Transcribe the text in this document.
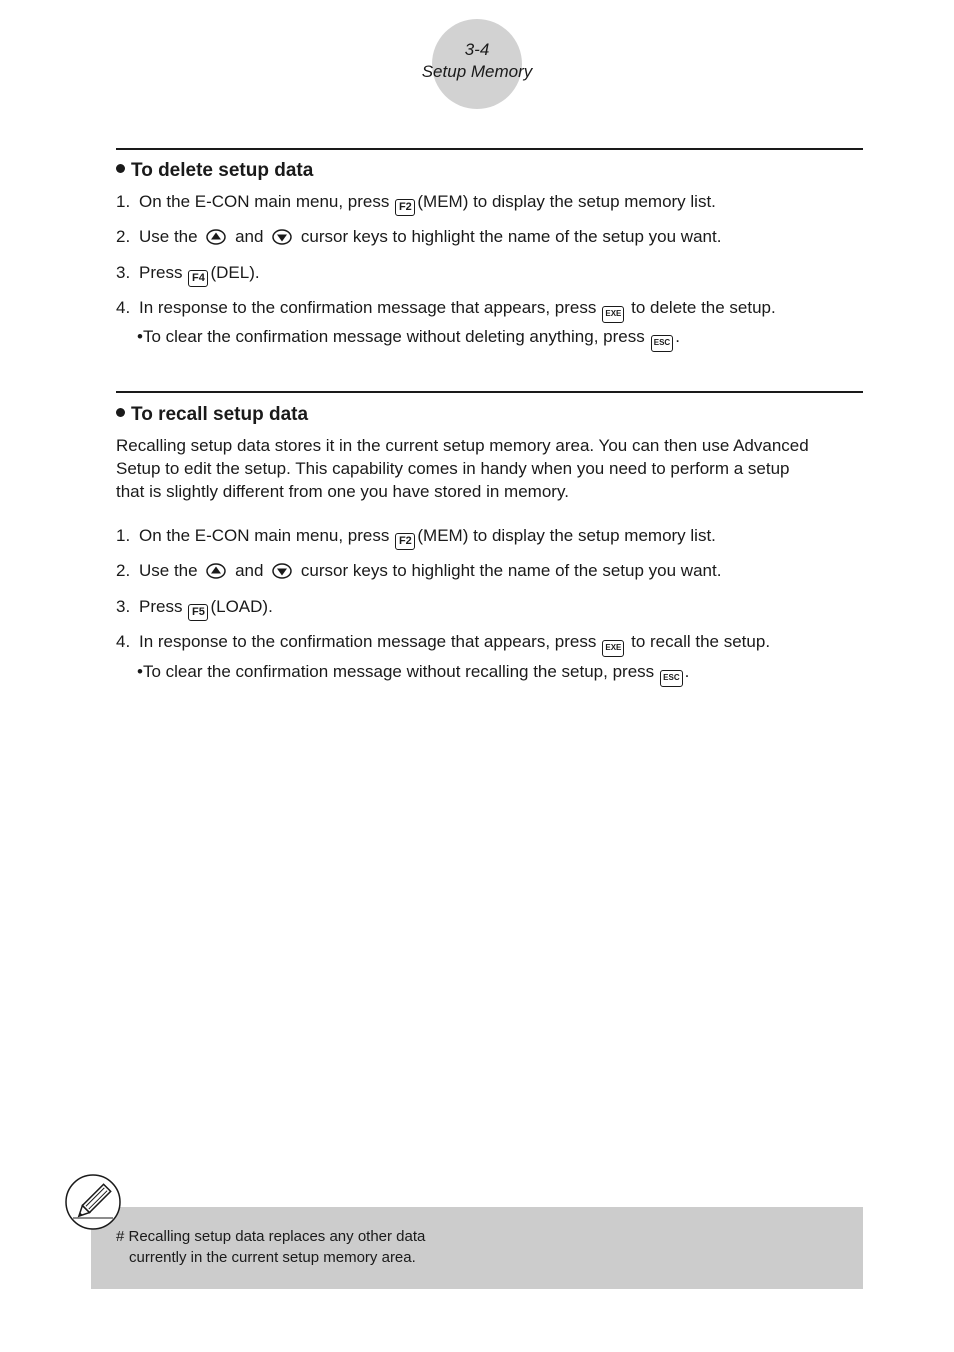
3-4
Setup Memory
To delete setup data
1. On the E-CON main menu, press F2 (MEM) to display the setup memory list.
2. Use the and cursor keys to highlight the name of the setup you want.
3. Press F4 (DEL).
4. In response to the confirmation message that appears, press EXE to delete the setup.
•To clear the confirmation message without deleting anything, press ESC .
To recall setup data
Recalling setup data stores it in the current setup memory area. You can then use Advanced
Setup to edit the setup. This capability comes in handy when you need to perform a setup
that is slightly different from one you have stored in memory.
1. On the E-CON main menu, press F2 (MEM) to display the setup memory list.
2. Use the and cursor keys to highlight the name of the setup you want.
3. Press F5 (LOAD).
4. In response to the confirmation message that appears, press EXE to recall the setup.
•To clear the confirmation message without recalling the setup, press ESC .
# Recalling setup data replaces any other data
currently in the current setup memory area.
